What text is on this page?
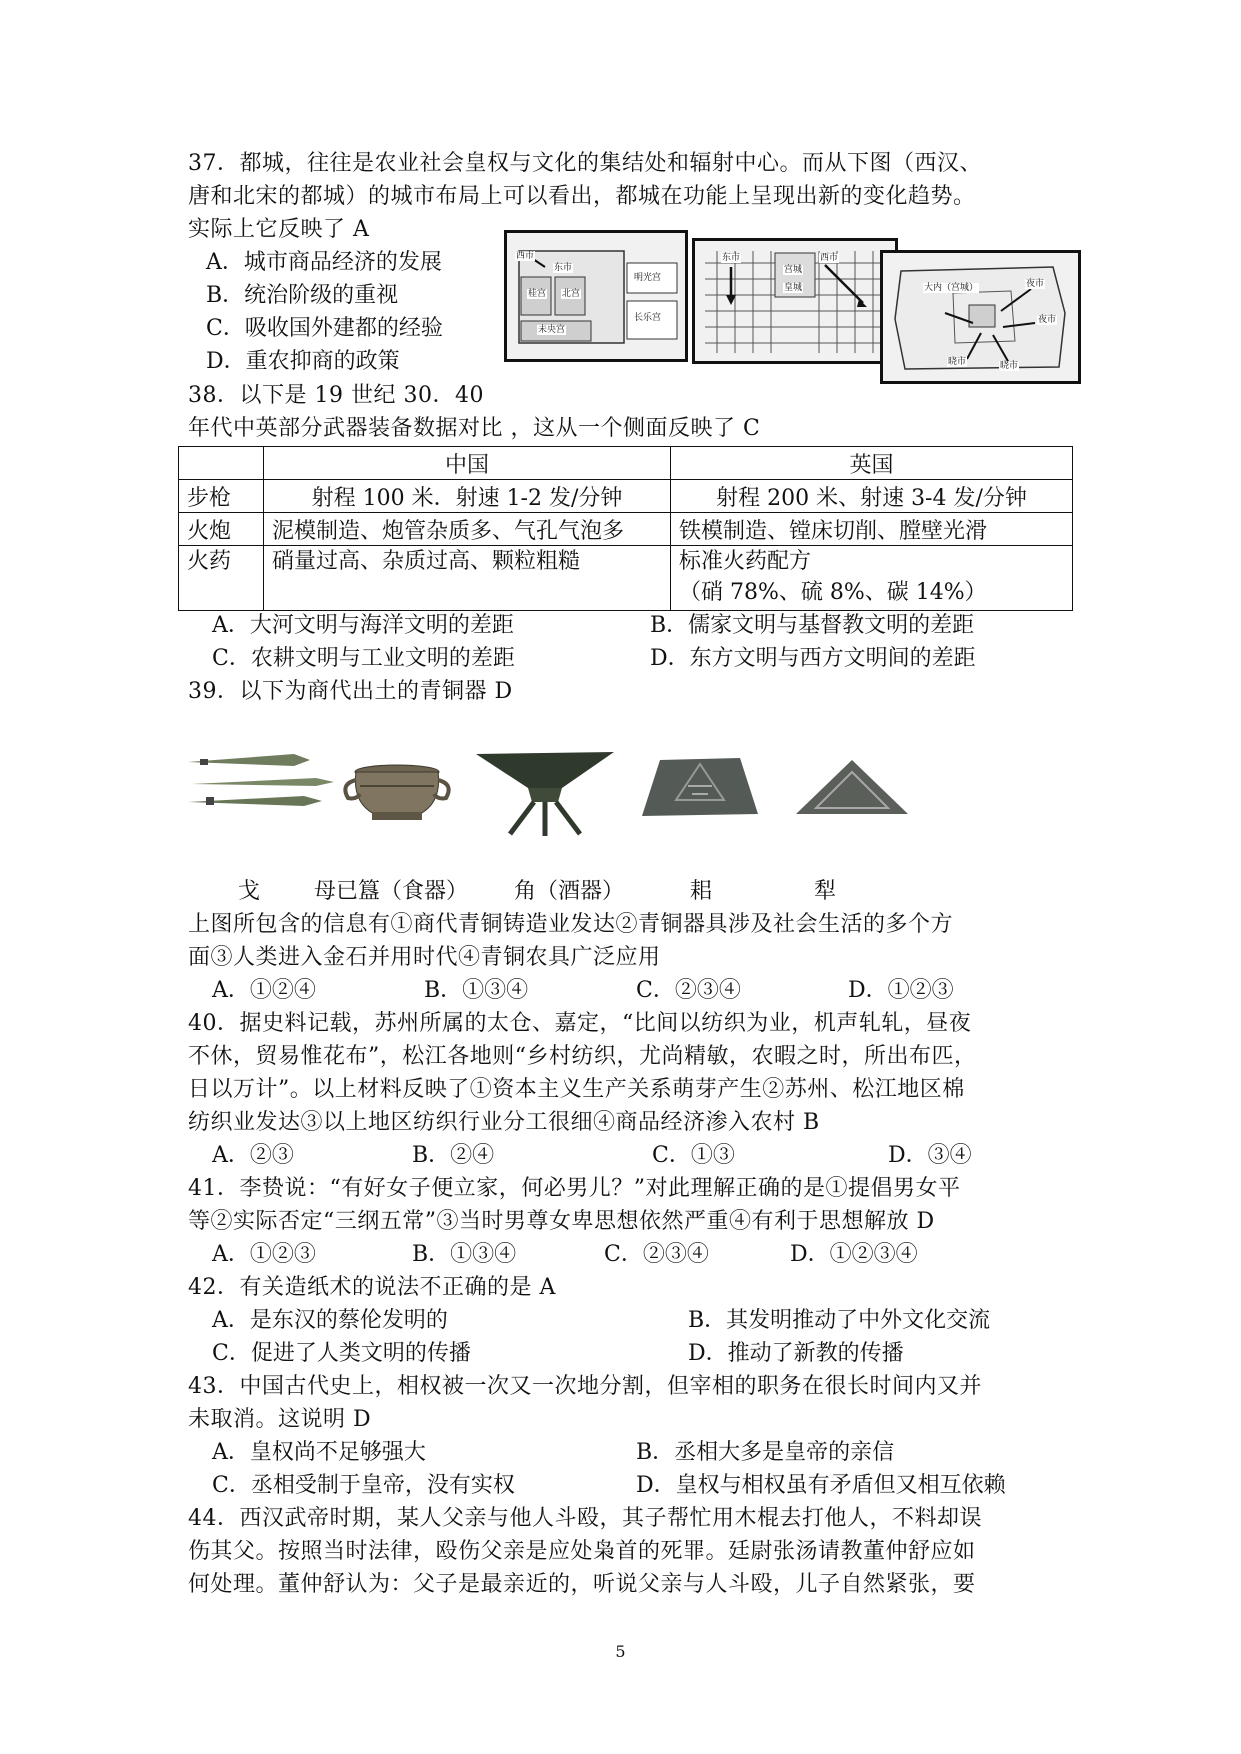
37．都城，往往是农业社会皇权与文化的集结处和辐射中心。而从下图（西汉、
唐和北宋的都城）的城市布局上可以看出，都城在功能上呈现出新的变化趋势。
实际上它反映了 A
A．城市商品经济的发展
B．统治阶级的重视
C．吸收国外建都的经验
D．重农抑商的政策
西市
东市
桂宫 北宫
明光宫
长乐宫
未央宫
东市	西市
宫城
皇城	大内（宫城）	夜市
夜市
晓市	晓市
38．以下是 19 世纪 30．40
年代中英部分武器装备数据对比 ，这从一个侧面反映了 C
	中国	英国
步枪	射程 100 米．射速 1-2 发/分钟	射程 200 米、射速 3-4 发/分钟
火炮	泥模制造、炮管杂质多、气孔气泡多	铁模制造、镗床切削、膛壁光滑
火药	硝量过高、杂质过高、颗粒粗糙	标准火药配方
（硝 78%、硫 8%、碳 14%）
A．大河文明与海洋文明的差距	B．儒家文明与基督教文明的差距
C．农耕文明与工业文明的差距	D．东方文明与西方文明间的差距
39．以下为商代出土的青铜器 D
戈 母已簋（食器） 角（酒器）	耜	犁
上图所包含的信息有①商代青铜铸造业发达②青铜器具涉及社会生活的多个方
面③人类进入金石并用时代④青铜农具广泛应用
A．①②④	B．①③④	C．②③④	D．①②③
40．据史料记载，苏州所属的太仓、嘉定，“比间以纺织为业，机声轧轧，昼夜
不休，贸易惟花布”，松江各地则“乡村纺织，尤尚精敏，农暇之时，所出布匹，
日以万计”。以上材料反映了①资本主义生产关系萌芽产生②苏州、松江地区棉
纺织业发达③以上地区纺织行业分工很细④商品经济渗入农村 B
A．②③	B．②④	C．①③	D．③④
41．李贽说：“有好女子便立家，何必男儿？”对此理解正确的是①提倡男女平
等②实际否定“三纲五常”③当时男尊女卑思想依然严重④有利于思想解放 D
A．①②③	B．①③④	C．②③④	D．①②③④
42．有关造纸术的说法不正确的是 A
A．是东汉的蔡伦发明的	B．其发明推动了中外文化交流
C．促进了人类文明的传播	D．推动了新教的传播
43．中国古代史上，相权被一次又一次地分割，但宰相的职务在很长时间内又并
未取消。这说明 D
A．皇权尚不足够强大	B．丞相大多是皇帝的亲信
C．丞相受制于皇帝，没有实权	D．皇权与相权虽有矛盾但又相互依赖
44．西汉武帝时期，某人父亲与他人斗殴，其子帮忙用木棍去打他人，不料却误
伤其父。按照当时法律，殴伤父亲是应处枭首的死罪。廷尉张汤请教董仲舒应如
何处理。董仲舒认为：父子是最亲近的，听说父亲与人斗殴，儿子自然紧张，要
5
